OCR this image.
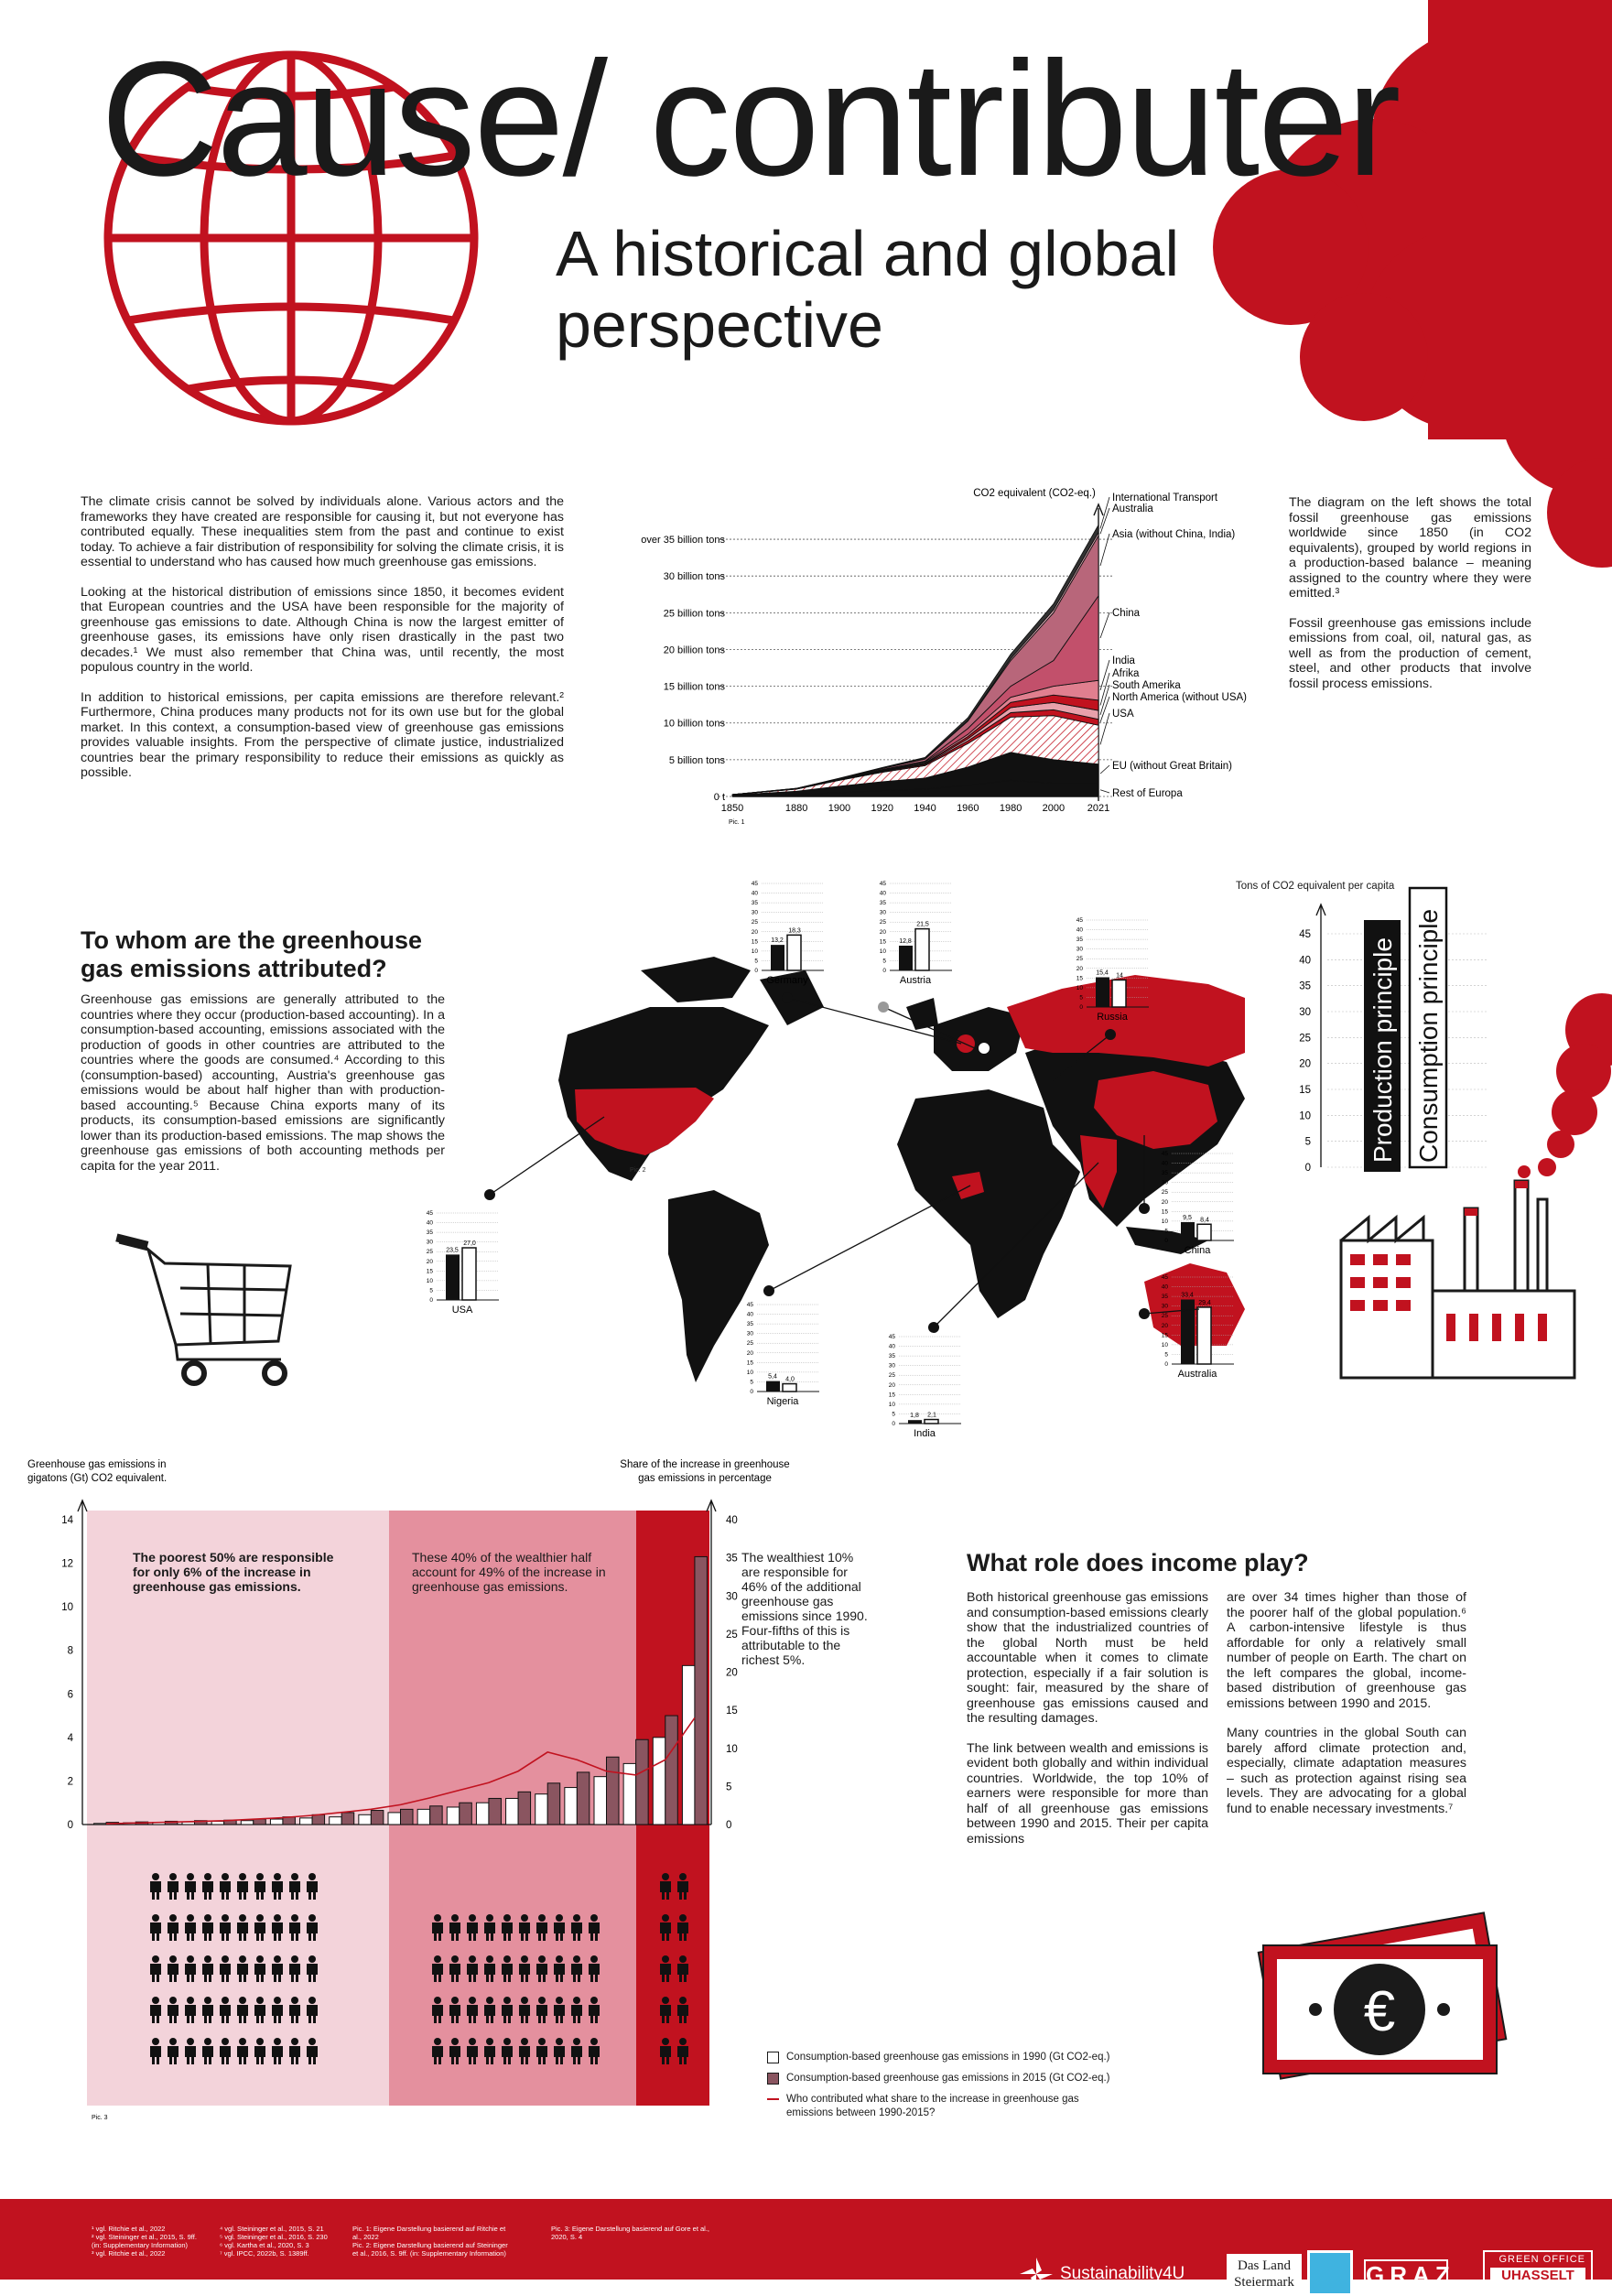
Cause/ contributer
A historical and global
perspective

The climate crisis cannot be solved by individuals alone. Various actors and the frameworks they have created are responsible for causing it, but not everyone has contributed equally. These inequalities stem from the past and continue to exist today. To achieve a fair distribution of responsibility for solving the climate crisis, it is essential to understand who has caused how much greenhouse gas emissions.

Looking at the historical distribution of emissions since 1850, it becomes evident that European countries and the USA have been responsible for the majority of greenhouse gas emissions to date. Although China is now the largest emitter of greenhouse gases, its emissions have only risen drastically in the past two decades.¹ We must also remember that China was, until recently, the most populous country in the world.

In addition to historical emissions, per capita emissions are therefore relevant.² Furthermore, China produces many products not for its own use but for the global market. In this context, a consumption-based view of greenhouse gas emissions provides valuable insights. From the perspective of climate justice, industrialized countries bear the primary responsibility to reduce their emissions as quickly as possible.

CO2 equivalent (CO2-eq.)
0 t
5 billion tons
10 billion tons
15 billion tons
20 billion tons
25 billion tons
30 billion tons
over 35 billion tons
1850	1880 1900 1920 1940 1960 1980 2000 2021
Pic. 1
Rest of Europa
EU (without Great Britain)
USA
North America (without USA)
South Amerika
Afrika
India
China
Asia (without China, India)
Australia
International Transport	The diagram on the left shows the total fossil greenhouse gas emissions worldwide since 1850 (in CO2 equivalents), grouped by world regions in a production-based balance – meaning assigned to the country where they were emitted.³

Fossil greenhouse gas emissions include emissions from coal, oil, natural gas, as well as from the production of cement, steel, and other products that involve fossil process emissions.

To whom are the greenhouse gas emissions attributed?
Greenhouse gas emissions are generally attributed to the countries where they occur (production-based accounting). In a consumption-based accounting, emissions associated with the production of goods in other countries are attributed to the countries where the goods are consumed.⁴ According to this (consumption-based) accounting, Austria's greenhouse gas emissions would be about half higher than with production-based accounting.⁵ Because China exports many of its products, its consumption-based emissions are significantly lower than its production-based emissions. The map shows the greenhouse gas emissions of both accounting methods per capita for the year 2011.
0
5
10
15
20
25
30
35
40
45
13,2
18,3
Germany
0
5
10
15
20
25
30
35
40
45
12,8
21,5
Austria
0
5
10
15
20
25
30
35
40
45
15,4 14
Russia
0
5
10
15
20
25
30
35
40
45
23,5
27,0
USA
0
5
10
15
20
25
30
35
40
45
9,5 8,4
China
0
5
10
15
20
25
30
35
40
45
5,4 4,0
Nigeria
0
5
10
15
20
25
30
35
40
45
1,8 2,1
India
0
5
10
15
20
25
30
35
40
45
33,4
29,4
Australia
Pic. 2
Tons of CO2 equivalent per capita
0
5
10
15
20
25
30
35
40
45
Production principle Consumption principle
Greenhouse gas emissions in
gigatons (Gt) CO2 equivalent.
Share of the increase in greenhouse
gas emissions in percentage
0
2
4
6
8
10
12
14
0
5
10
15
20
25
30
35
40
The poorest 50% are responsible for only 6% of the increase in greenhouse gas emissions.
These 40% of the wealthier half account for 49% of the increase in greenhouse gas emissions.
Pic. 3
The wealthiest 10% are responsible for 46% of the additional greenhouse gas emissions since 1990. Four-fifths of this is attributable to the richest 5%.
Consumption-based greenhouse gas emissions in 1990 (Gt CO2-eq.)
Consumption-based greenhouse gas emissions in 2015 (Gt CO2-eq.)
Who contributed what share to the increase in greenhouse gas emissions between 1990-2015?
What role does income play?

Both historical greenhouse gas emissions and consumption-based emissions clearly show that the industrialized countries of the global North must be held accountable when it comes to climate protection, especially if a fair solution is sought: fair, measured by the share of greenhouse gas emissions caused and the resulting damages.

The link between wealth and emissions is evident both globally and within individual countries. Worldwide, the top 10% of earners were responsible for more than half of all greenhouse gas emissions between 1990 and 2015. Their per capita emissions

are over 34 times higher than those of the poorer half of the global population.⁶ A carbon-intensive lifestyle is thus affordable for only a relatively small number of people on Earth. The chart on the left compares the global, income-based distribution of greenhouse gas emissions between 1990 and 2015.

Many countries in the global South can barely afford climate protection and, especially, climate adaptation measures – such as protection against rising sea levels. They are advocating for a global fund to enable necessary investments.⁷

€
¹ vgl. Ritchie et al., 2022
² vgl. Steininger et al., 2015, S. 9ff.
(in: Supplementary Information)
³ vgl. Ritchie et al., 2022
⁴ vgl. Steininger et al., 2015, S. 21
⁵ vgl. Steininger et al., 2016, S. 230
⁶ vgl. Kartha et al., 2020, S. 3
⁷ vgl. IPCC, 2022b, S. 1389ff.
Pic. 1: Eigene Darstellung basierend auf Ritchie et
al., 2022
Pic. 2: Eigene Darstellung basierend auf Steininger
et al., 2016, S. 9ff. (in: Supplementary Information)
Pic. 3: Eigene Darstellung basierend auf Gore et al.,
2020, S. 4
Sustainability4U	Das Land
Steiermark	GRAZ
GREEN OFFICE
UHASSELT
